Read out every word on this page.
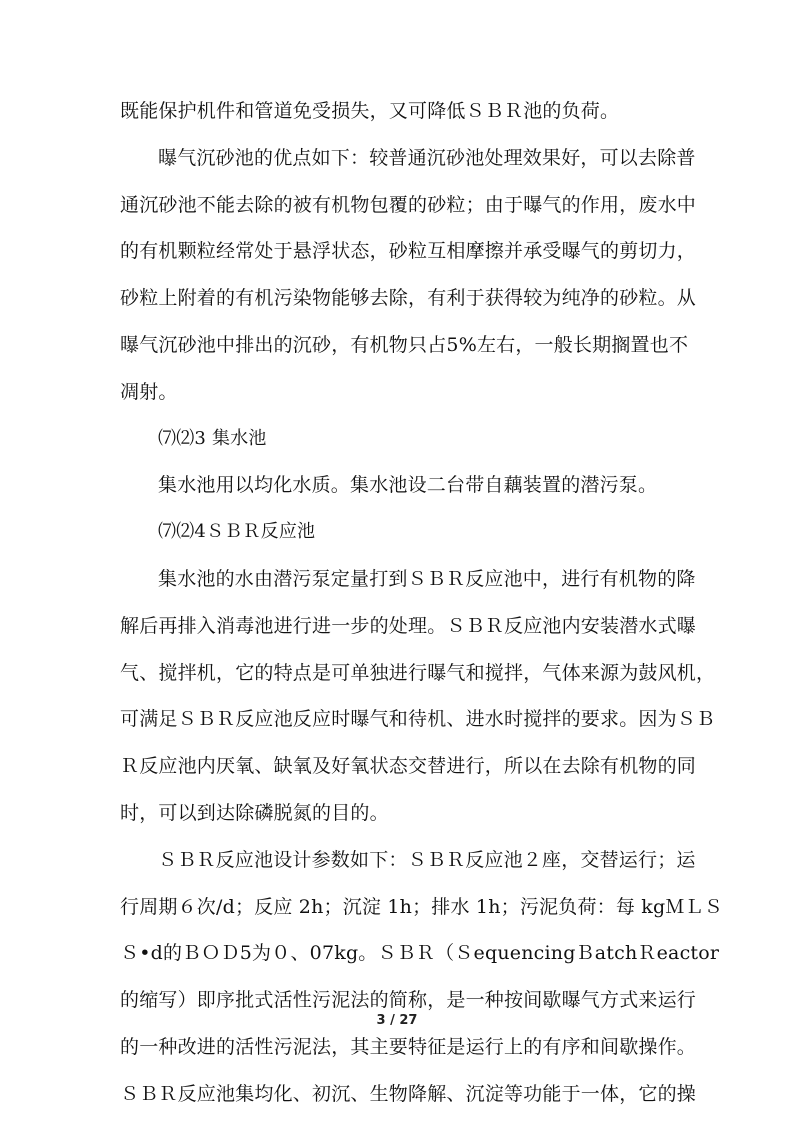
既能保护机件和管道免受损失，又可降低ＳＢＲ池的负荷。
曝气沉砂池的优点如下：较普通沉砂池处理效果好，可以去除普
通沉砂池不能去除的被有机物包覆的砂粒；由于曝气的作用，废水中
的有机颗粒经常处于悬浮状态，砂粒互相摩擦并承受曝气的剪切力，
砂粒上附着的有机污染物能够去除，有利于获得较为纯净的砂粒。从
曝气沉砂池中排出的沉砂，有机物只占5%左右，一般长期搁置也不
凋射。
⑺⑵3 集水池
集水池用以均化水质。集水池设二台带自藕装置的潜污泵。
⑺⑵4ＳＢＲ反应池
集水池的水由潜污泵定量打到ＳＢＲ反应池中，进行有机物的降
解后再排入消毒池进行进一步的处理。ＳＢＲ反应池内安装潜水式曝
气、搅拌机，它的特点是可单独进行曝气和搅拌，气体来源为鼓风机，
可满足ＳＢＲ反应池反应时曝气和待机、进水时搅拌的要求。因为ＳＢ
Ｒ反应池内厌氧、缺氧及好氧状态交替进行，所以在去除有机物的同
时，可以到达除磷脱氮的目的。
ＳＢＲ反应池设计参数如下：ＳＢＲ反应池２座，交替运行；运
行周期６次/d；反应 2h；沉淀 1h；排水 1h；污泥负荷：每 kgＭＬＳ
Ｓ•d的ＢＯＤ5为０、07kg。ＳＢＲ（ＳequencingＢatchＲeactor
的缩写）即序批式活性污泥法的简称，是一种按间歇曝气方式来运行
的一种改进的活性污泥法，其主要特征是运行上的有序和间歇操作。
ＳＢＲ反应池集均化、初沉、生物降解、沉淀等功能于一体，它的操
3 / 27
